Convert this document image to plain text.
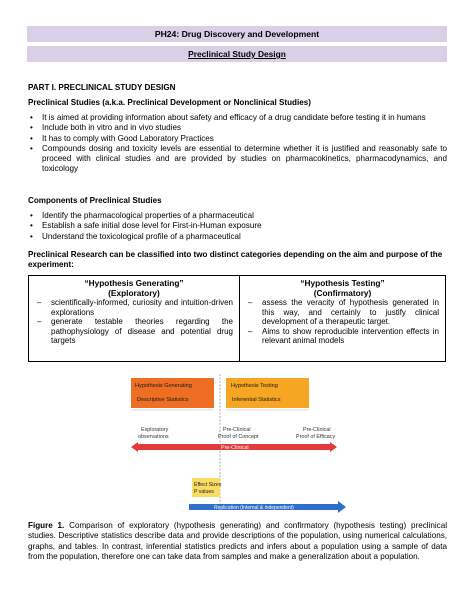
PH24: Drug Discovery and Development
Preclinical Study Design
PART I. PRECLINICAL STUDY DESIGN
Preclinical Studies (a.k.a. Preclinical Development or Nonclinical Studies)
• It is aimed at providing information about safety and efficacy of a drug candidate before testing it in humans
• Include both in vitro and in vivo studies
• It has to comply with Good Laboratory Practices
• Compounds dosing and toxicity levels are essential to determine whether it is justified and reasonably safe to proceed with clinical studies and are provided by studies on pharmacokinetics, pharmacodynamics, and toxicology
Components of Preclinical Studies
• Identify the pharmacological properties of a pharmaceutical
• Establish a safe initial dose level for First-in-Human exposure
• Understand the toxicological profile of a pharmaceutical
Preclinical Research can be classified into two distinct categories depending on the aim and purpose of the experiment:
“Hypothesis Generating”
(Exploratory)
– scientifically-informed, curiosity and intuition-driven explorations
– generate testable theories regarding the pathophysiology of disease and potential drug targets
“Hypothesis Testing”
(Confirmatory)
– assess the veracity of hypothesis generated in this way, and certainly to justify clinical development of a therapeutic target.
– Aims to show reproducible intervention effects in relevant animal models
Hypothesis Generating
Descriptive Statistics
Hypothesis Testing
Inferential Statistics
Exploratory
observations
Pre-Clinical
Proof of Concept
Pre-Clinical
Proof of Efficacy
Pre-Clinical
Effect Sizes
P values
Replication (Internal & independent)
Figure 1. Comparison of exploratory (hypothesis generating) and confirmatory (hypothesis testing) preclinical studies. Descriptive statistics describe data and provide descriptions of the population, using numerical calculations, graphs, and tables. In contrast, inferential statistics predicts and infers about a population using a sample of data from the population, therefore one can take data from samples and make a generalization about a population.
